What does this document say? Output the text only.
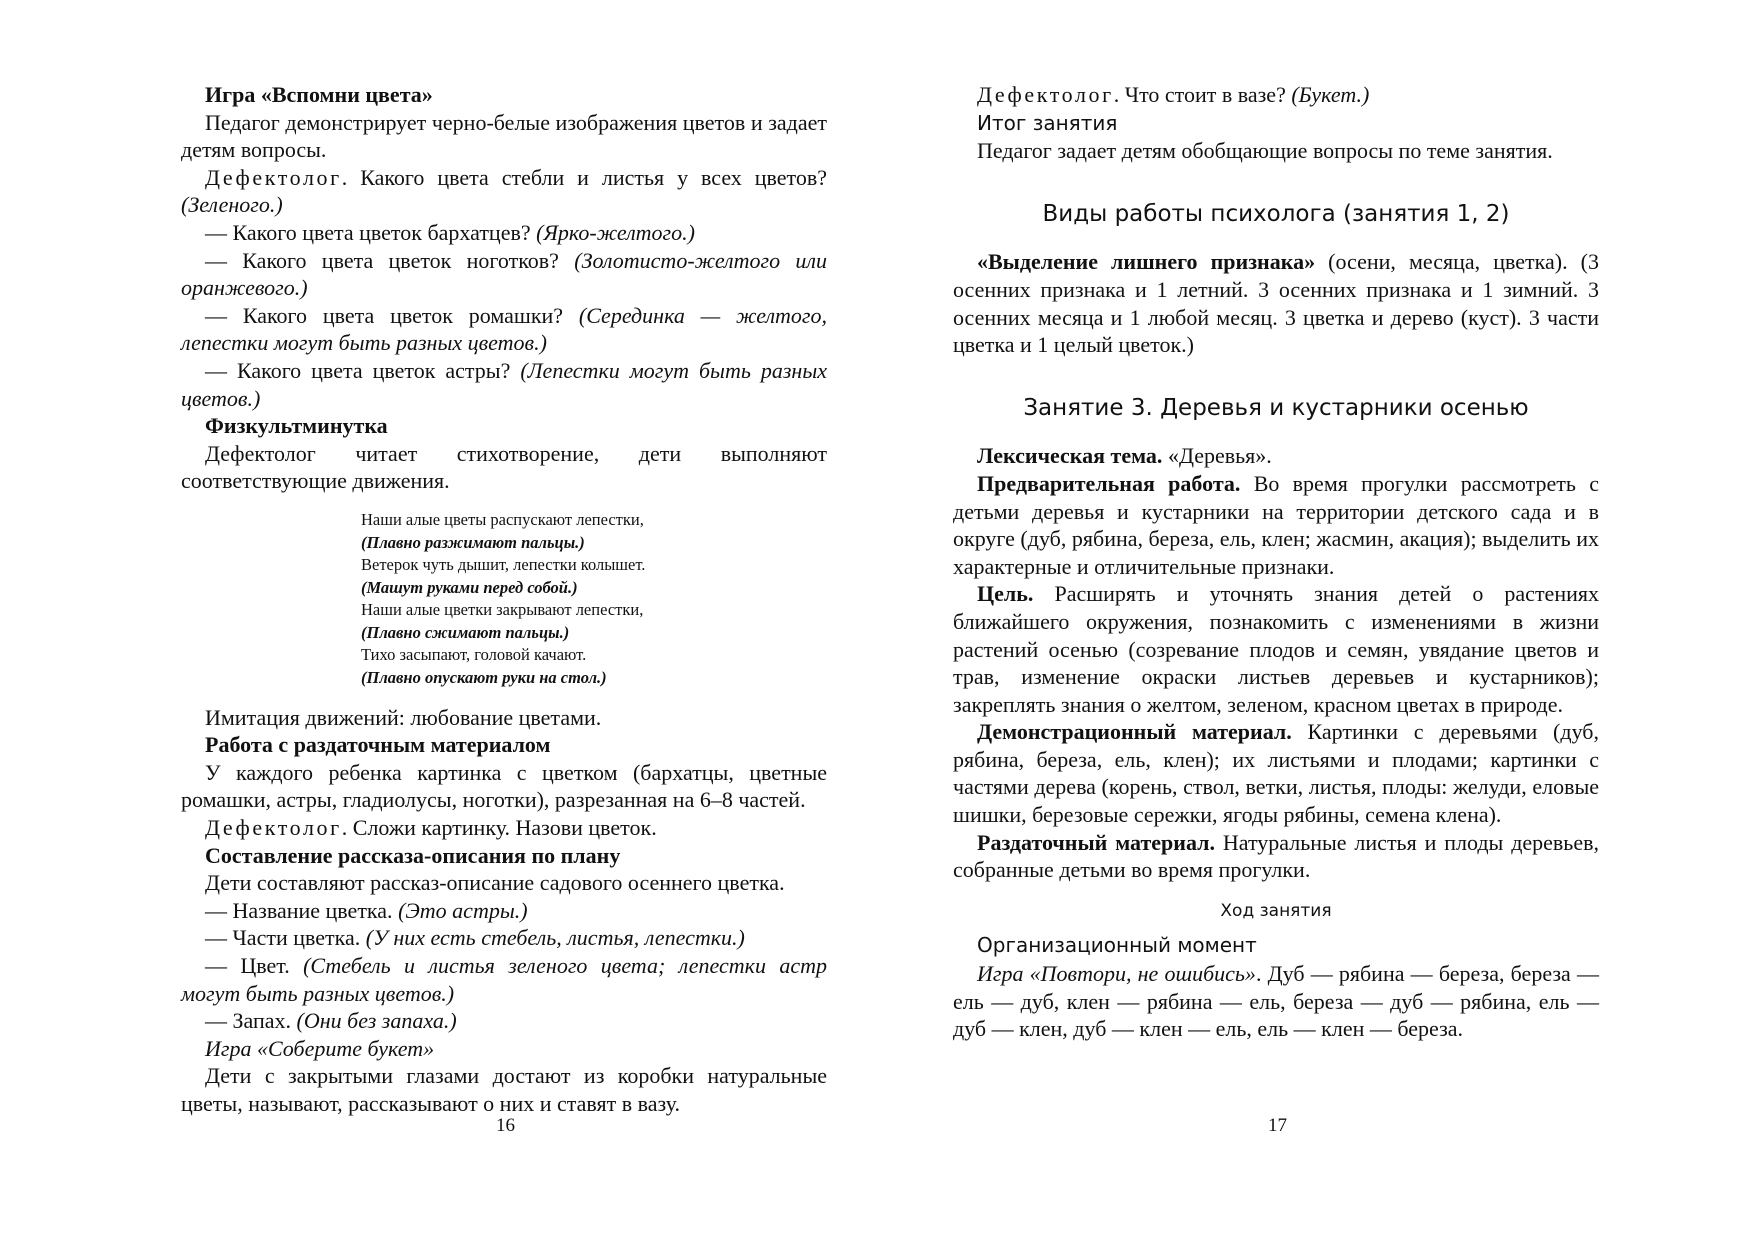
Игра «Вспомни цвета»
Педагог демонстрирует черно-белые изображения цветов и задает детям вопросы.
Дефектолог. Какого цвета стебли и листья у всех цветов? (Зеленого.)
— Какого цвета цветок бархатцев? (Ярко-желтого.)
— Какого цвета цветок ноготков? (Золотисто-желтого или оранжевого.)
— Какого цвета цветок ромашки? (Серединка — желтого, лепестки могут быть разных цветов.)
— Какого цвета цветок астры? (Лепестки могут быть разных цветов.)
Физкультминутка
Дефектолог читает стихотворение, дети выполняют соответствующие движения.
Наши алые цветы распускают лепестки,
(Плавно разжимают пальцы.)
Ветерок чуть дышит, лепестки колышет.
(Машут руками перед собой.)
Наши алые цветки закрывают лепестки,
(Плавно сжимают пальцы.)
Тихо засыпают, головой качают.
(Плавно опускают руки на стол.)
Имитация движений: любование цветами.
Работа с раздаточным материалом
У каждого ребенка картинка с цветком (бархатцы, цветные ромашки, астры, гладиолусы, ноготки), разрезанная на 6–8 частей.
Дефектолог. Сложи картинку. Назови цветок.
Составление рассказа-описания по плану
Дети составляют рассказ-описание садового осеннего цветка.
— Название цветка. (Это астры.)
— Части цветка. (У них есть стебель, листья, лепестки.)
— Цвет. (Стебель и листья зеленого цвета; лепестки астр могут быть разных цветов.)
— Запах. (Они без запаха.)
Игра «Соберите букет»
Дети с закрытыми глазами достают из коробки натуральные цветы, называют, рассказывают о них и ставят в вазу.
Дефектолог. Что стоит в вазе? (Букет.)
Итог занятия
Педагог задает детям обобщающие вопросы по теме занятия.
Виды работы психолога (занятия 1, 2)
«Выделение лишнего признака» (осени, месяца, цветка). (3 осенних признака и 1 летний. 3 осенних признака и 1 зимний. 3 осенних месяца и 1 любой месяц. 3 цветка и дерево (куст). 3 части цветка и 1 целый цветок.)
Занятие 3. Деревья и кустарники осенью
Лексическая тема. «Деревья».
Предварительная работа. Во время прогулки рассмотреть с детьми деревья и кустарники на территории детского сада и в округе (дуб, рябина, береза, ель, клен; жасмин, акация); выделить их характерные и отличительные признаки.
Цель. Расширять и уточнять знания детей о растениях ближайшего окружения, познакомить с изменениями в жизни растений осенью (созревание плодов и семян, увядание цветов и трав, изменение окраски листьев деревьев и кустарников); закреплять знания о желтом, зеленом, красном цветах в природе.
Демонстрационный материал. Картинки с деревьями (дуб, рябина, береза, ель, клен); их листьями и плодами; картинки с частями дерева (корень, ствол, ветки, листья, плоды: желуди, еловые шишки, березовые сережки, ягоды рябины, семена клена).
Раздаточный материал. Натуральные листья и плоды деревьев, собранные детьми во время прогулки.
Ход занятия
Организационный момент
Игра «Повтори, не ошибись». Дуб — рябина — береза, береза — ель — дуб, клен — рябина — ель, береза — дуб — рябина, ель — дуб — клен, дуб — клен — ель, ель — клен — береза.
16	17
